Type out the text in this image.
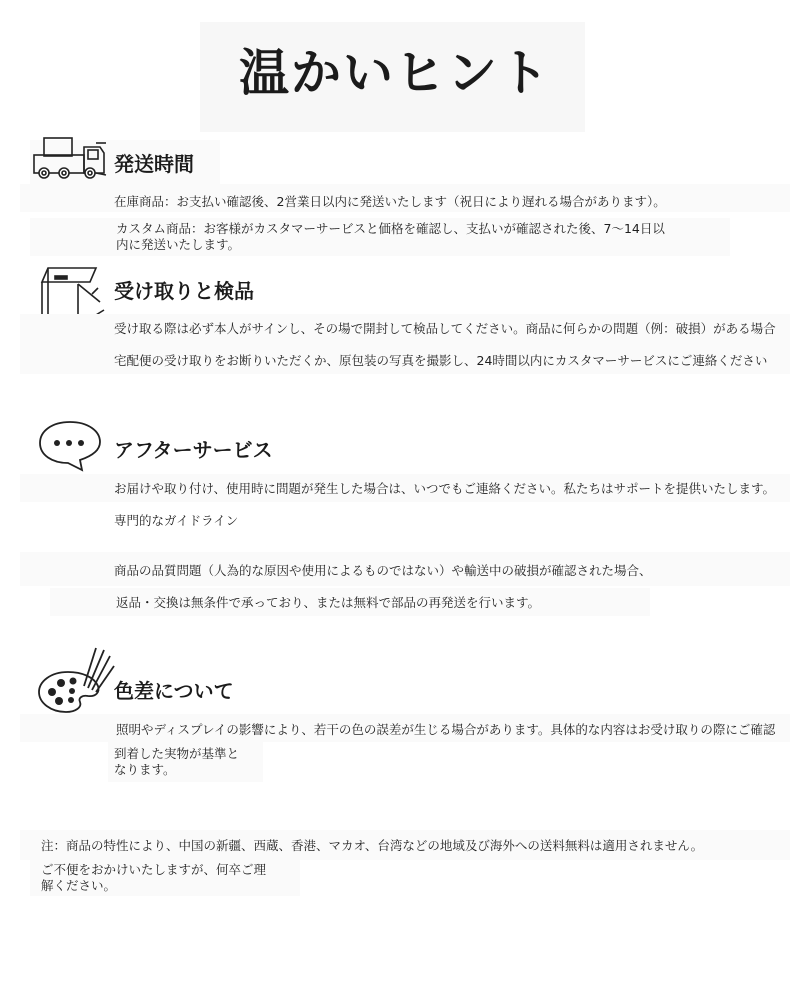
温かいヒント
発送時間

在庫商品：お支払い確認後、2営業日以内に発送いたします（祝日により遅れる場合があります）。

カスタム商品：お客様がカスタマーサービスと価格を確認し、支払いが確認された後、7〜14日以
内に発送いたします。

受け取りと検品

受け取る際は必ず本人がサインし、その場で開封して検品してください。商品に何らかの問題（例：破損）がある場合

宅配便の受け取りをお断りいただくか、原包装の写真を撮影し、24時間以内にカスタマーサービスにご連絡ください

アフターサービス

お届けや取り付け、使用時に問題が発生した場合は、いつでもご連絡ください。私たちはサポートを提供いたします。

専門的なガイドライン

商品の品質問題（人為的な原因や使用によるものではない）や輸送中の破損が確認された場合、

返品・交換は無条件で承っており、または無料で部品の再発送を行います。

色差について

照明やディスプレイの影響により、若干の色の誤差が生じる場合があります。具体的な内容はお受け取りの際にご確認

到着した実物が基準と
なります。

注：商品の特性により、中国の新疆、西蔵、香港、マカオ、台湾などの地域及び海外への送料無料は適用されません。

ご不便をおかけいたしますが、何卒ご理
解ください。
